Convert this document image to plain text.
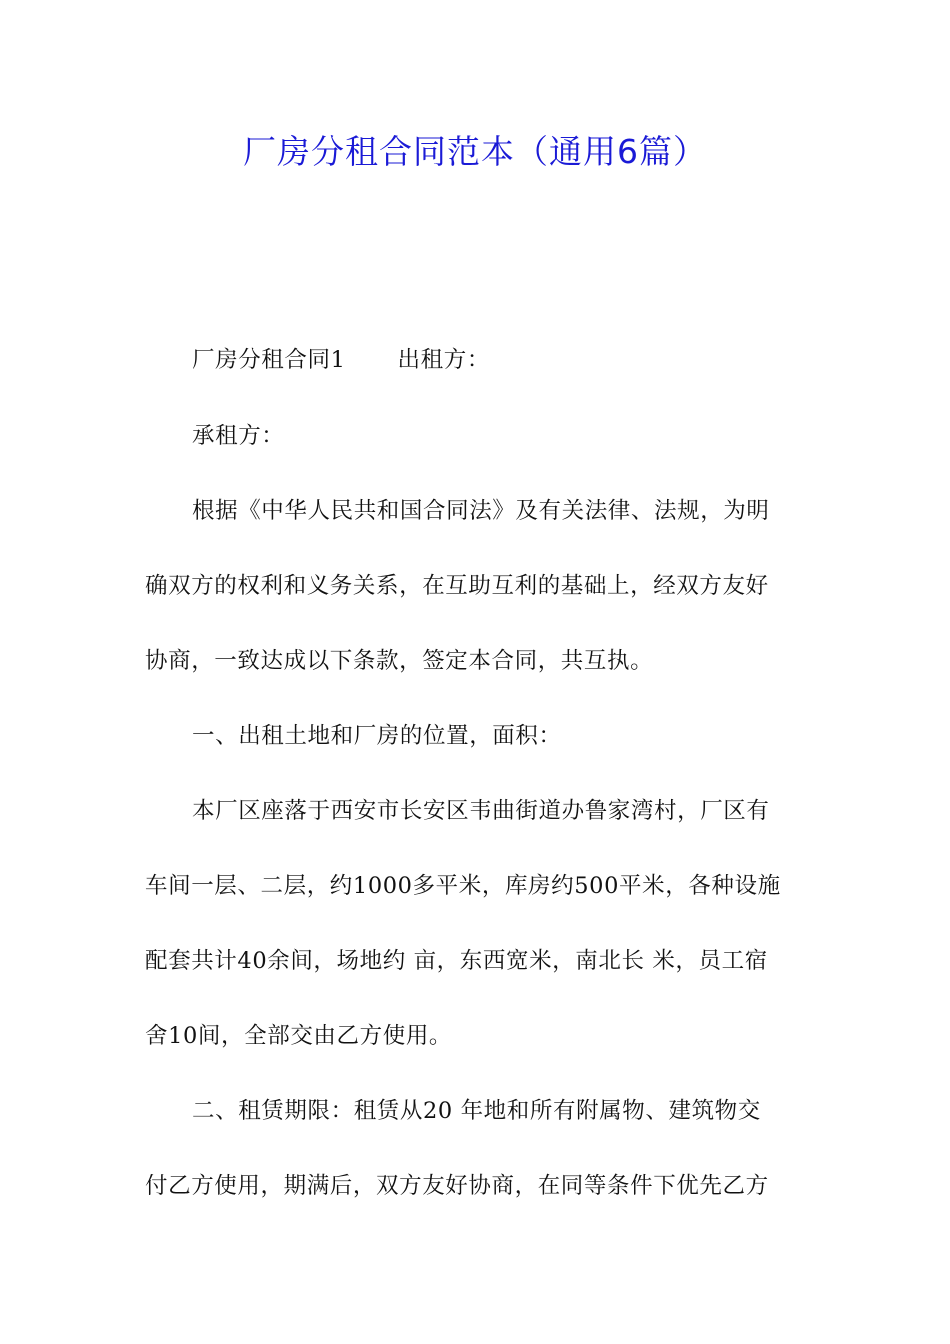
厂房分租合同范本（通用6篇）
厂房分租合同1 出租方：
承租方：
根据《中华人民共和国合同法》及有关法律、法规，为明
确双方的权利和义务关系，在互助互利的基础上，经双方友好
协商，一致达成以下条款，签定本合同，共互执。
一、出租土地和厂房的位置，面积：
本厂区座落于西安市长安区韦曲街道办鲁家湾村，厂区有
车间一层、二层，约1000多平米，库房约500平米，各种设施
配套共计40余间，场地约 亩，东西宽米，南北长 米，员工宿
舍10间，全部交由乙方使用。
二、租赁期限：租赁从20 年地和所有附属物、建筑物交
付乙方使用，期满后，双方友好协商，在同等条件下优先乙方
